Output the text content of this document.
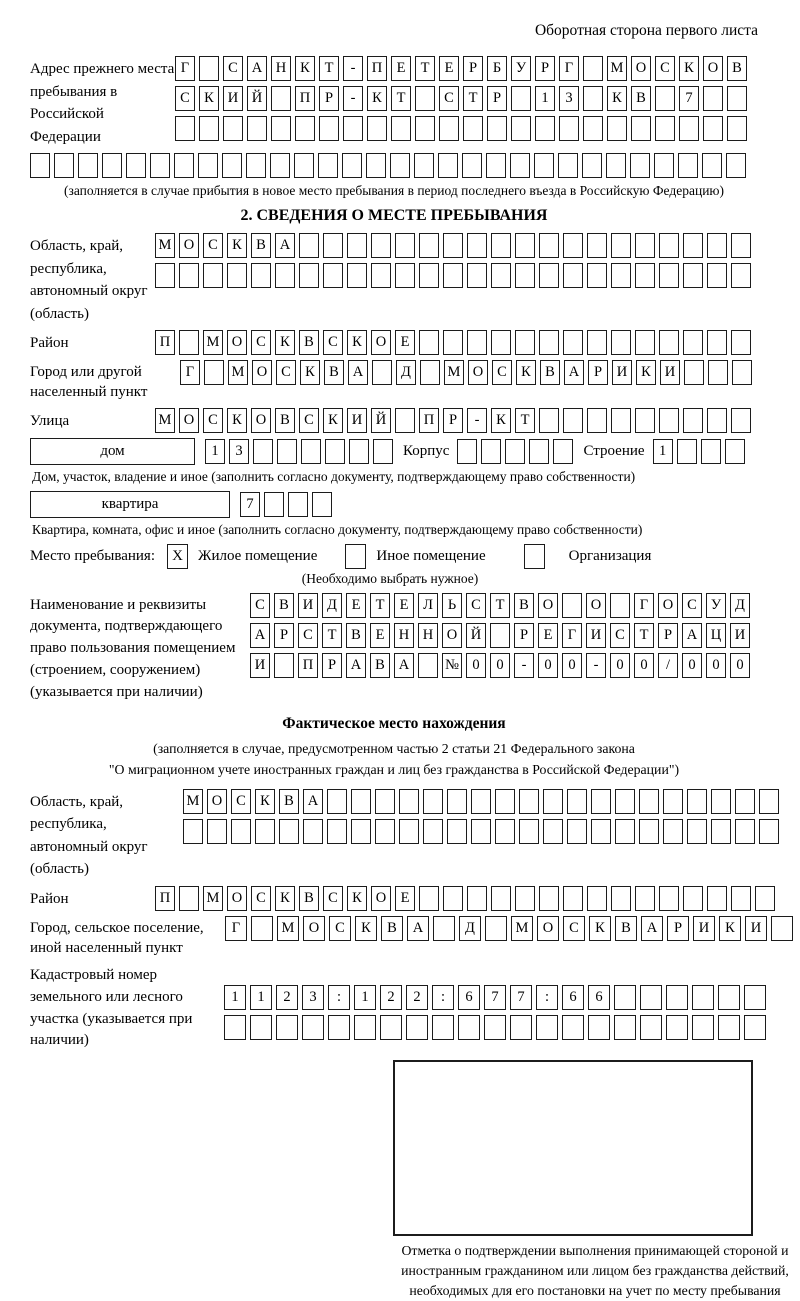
Оборотная сторона первого листа
Адрес прежнего места пребывания в Российской Федерации
Г	С А Н К	Т	-	П Е	Т	Е	Р	Б	У	Р	Г	М О С К О В
С К И Й	П	Р	-	К	Т	С	Т	Р	1	3	К В	7
(заполняется в случае прибытия в новое место пребывания в период последнего въезда в Российскую Федерацию)
2. СВЕДЕНИЯ О МЕСТЕ ПРЕБЫВАНИЯ
Область, край, республика, автономный округ (область)
М О С К В А
Район	П	М О С К В С К О Е
Город или другой населенный пункт
Г	М О С К В А	Д	М О С К В А	Р	И К И
Улица	М О С К О В С К И Й	П	Р	-	К	Т
дом	1	3	Корпус	Строение 1
Дом, участок, владение и иное (заполнить согласно документу, подтверждающему право собственности)
квартира	7
Квартира, комната, офис и иное (заполнить согласно документу, подтверждающему право собственности)
Место пребывания:	X	Жилое помещение	Иное помещение	Организация
(Необходимо выбрать нужное)
Наименование и реквизиты документа, подтверждающего право пользования помещением (строением, сооружением) (указывается при наличии)
С В И Д	Е	Т	Е	Л	Ь	С	Т	В О	О	Г	О С У Д
А	Р	С	Т	В	Е Н Н О Й	Р	Е	Г	И С	Т	Р	А Ц И
И	П	Р	А В А	№ 0	0	-	0	0	-	0	0	/	0	0	0
Фактическое место нахождения
(заполняется в случае, предусмотренном частью 2 статьи 21 Федерального закона
"О миграционном учете иностранных граждан и лиц без гражданства в Российской Федерации")
Область, край, республика, автономный округ (область)
М О С К В А
Район	П	М О С К В С К О Е
Город, сельское поселение, иной населенный пункт
Г	М О	С	К	В	А	Д	М О	С	К	В	А	Р	И	К	И
Кадастровый номер земельного или лесного участка (указывается при наличии)
1	1	2	3	:	1	2	2	:	6	7	7	:	6	6
Отметка о подтверждении выполнения принимающей стороной и иностранным гражданином или лицом без гражданства действий, необходимых для его постановки на учет по месту пребывания
